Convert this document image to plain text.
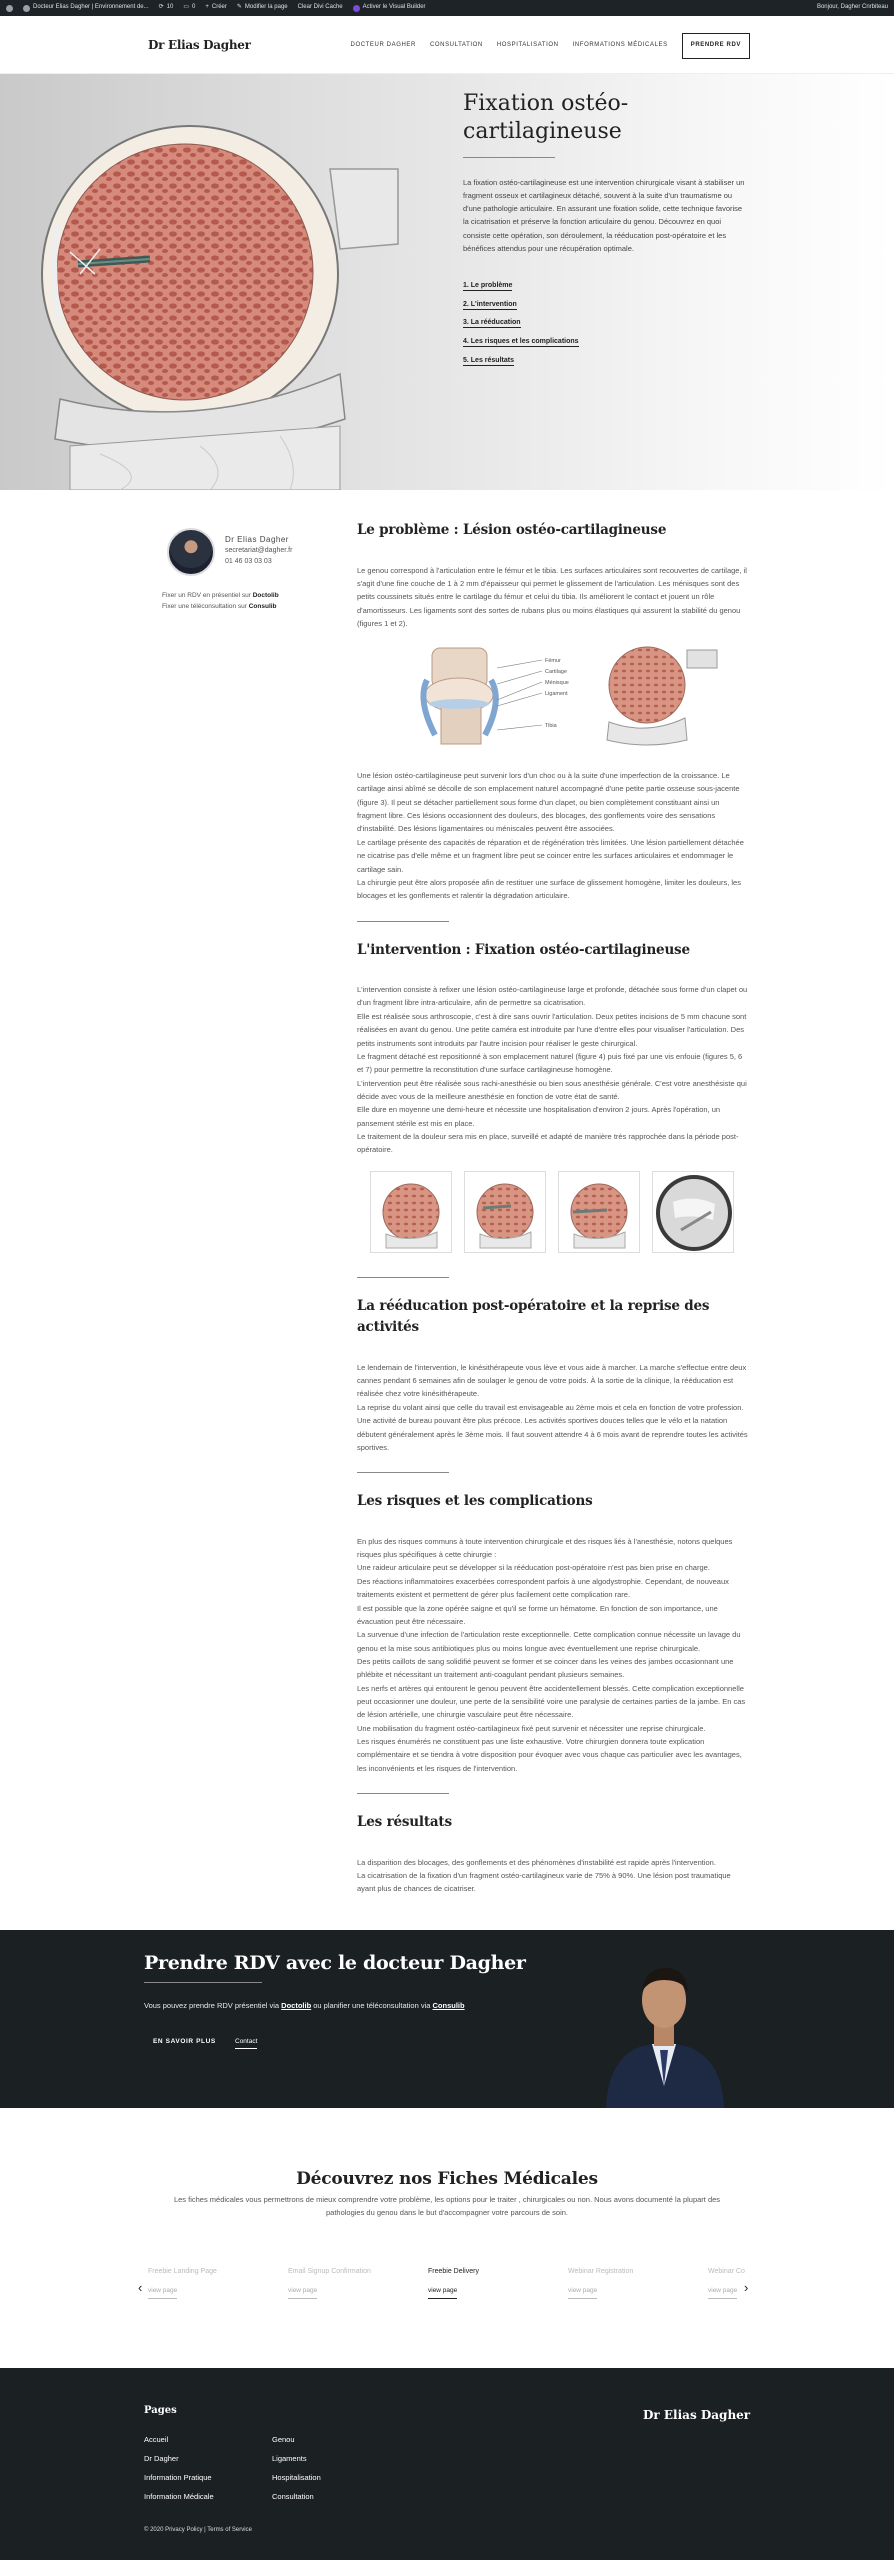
Docteur Elias Dagher | Environnement de... ⟳ 10 ▭ 0 + Créer ✎ Modifier la page Clear Divi Cache	Activer le Visual Builder	Bonjour, Dagher Cnrbiteau
Dr Elias Dagher	DOCTEUR DAGHER CONSULTATION HOSPITALISATION INFORMATIONS MÉDICALES	PRENDRE RDV
Fixation ostéo-cartilagineuse

La fixation ostéo-cartilagineuse est une intervention chirurgicale visant à stabiliser un fragment osseux et cartilagineux détaché, souvent à la suite d'un traumatisme ou d'une pathologie articulaire. En assurant une fixation solide, cette technique favorise la cicatrisation et préserve la fonction articulaire du genou. Découvrez en quoi consiste cette opération, son déroulement, la rééducation post-opératoire et les bénéfices attendus pour une récupération optimale.

1. Le problème
2. L'intervention
3. La rééducation
4. Les risques et les complications
5. Les résultats
Dr Elias Dagher
secretariat@dagher.fr
01 46 03 03 03
Fixer un RDV en présentiel sur Doctolib
Fixer une téléconsultation sur Consulib
Le problème : Lésion ostéo-cartilagineuse

Le genou correspond à l'articulation entre le fémur et le tibia. Les surfaces articulaires sont recouvertes de cartilage, il s'agit d'une fine couche de 1 à 2 mm d'épaisseur qui permet le glissement de l'articulation. Les ménisques sont des petits coussinets situés entre le cartilage du fémur et celui du tibia. Ils améliorent le contact et jouent un rôle d'amortisseurs. Les ligaments sont des sortes de rubans plus ou moins élastiques qui assurent la stabilité du genou (figures 1 et 2).

Fémur
Cartilage
Ménisque
Ligament
Tibia

Une lésion ostéo-cartilagineuse peut survenir lors d'un choc ou à la suite d'une imperfection de la croissance. Le cartilage ainsi abîmé se décolle de son emplacement naturel accompagné d'une petite partie osseuse sous-jacente (figure 3). Il peut se détacher partiellement sous forme d'un clapet, ou bien complètement constituant ainsi un fragment libre. Ces lésions occasionnent des douleurs, des blocages, des gonflements voire des sensations d'instabilité. Des lésions ligamentaires ou méniscales peuvent être associées.
Le cartilage présente des capacités de réparation et de régénération très limitées. Une lésion partiellement détachée ne cicatrise pas d'elle même et un fragment libre peut se coincer entre les surfaces articulaires et endommager le cartilage sain.
La chirurgie peut être alors proposée afin de restituer une surface de glissement homogène, limiter les douleurs, les blocages et les gonflements et ralentir la dégradation articulaire.

L'intervention : Fixation ostéo-cartilagineuse

L'intervention consiste à refixer une lésion ostéo-cartilagineuse large et profonde, détachée sous forme d'un clapet ou d'un fragment libre intra-articulaire, afin de permettre sa cicatrisation.
Elle est réalisée sous arthroscopie, c'est à dire sans ouvrir l'articulation. Deux petites incisions de 5 mm chacune sont réalisées en avant du genou. Une petite caméra est introduite par l'une d'entre elles pour visualiser l'articulation. Des petits instruments sont introduits par l'autre incision pour réaliser le geste chirurgical.
Le fragment détaché est repositionné à son emplacement naturel (figure 4) puis fixé par une vis enfouie (figures 5, 6 et 7) pour permettre la reconstitution d'une surface cartilagineuse homogène.
L'intervention peut être réalisée sous rachi-anesthésie ou bien sous anesthésie générale. C'est votre anesthésiste qui décide avec vous de la meilleure anesthésie en fonction de votre état de santé.
Elle dure en moyenne une demi-heure et nécessite une hospitalisation d'environ 2 jours. Après l'opération, un pansement stérile est mis en place.
Le traitement de la douleur sera mis en place, surveillé et adapté de manière très rapprochée dans la période post-opératoire.

La rééducation post-opératoire et la reprise des activités

Le lendemain de l'intervention, le kinésithérapeute vous lève et vous aide à marcher. La marche s'effectue entre deux cannes pendant 6 semaines afin de soulager le genou de votre poids. À la sortie de la clinique, la rééducation est réalisée chez votre kinésithérapeute.
La reprise du volant ainsi que celle du travail est envisageable au 2ème mois et cela en fonction de votre profession. Une activité de bureau pouvant être plus précoce. Les activités sportives douces telles que le vélo et la natation débutent généralement après le 3ème mois. Il faut souvent attendre 4 à 6 mois avant de reprendre toutes les activités sportives.

Les risques et les complications

En plus des risques communs à toute intervention chirurgicale et des risques liés à l'anesthésie, notons quelques risques plus spécifiques à cette chirurgie :
Une raideur articulaire peut se développer si la rééducation post-opératoire n'est pas bien prise en charge.
Des réactions inflammatoires exacerbées correspondent parfois à une algodystrophie. Cependant, de nouveaux traitements existent et permettent de gérer plus facilement cette complication rare.
Il est possible que la zone opérée saigne et qu'il se forme un hématome. En fonction de son importance, une évacuation peut être nécessaire.
La survenue d'une infection de l'articulation reste exceptionnelle. Cette complication connue nécessite un lavage du genou et la mise sous antibiotiques plus ou moins longue avec éventuellement une reprise chirurgicale.
Des petits caillots de sang solidifié peuvent se former et se coincer dans les veines des jambes occasionnant une phlébite et nécessitant un traitement anti-coagulant pendant plusieurs semaines.
Les nerfs et artères qui entourent le genou peuvent être accidentellement blessés. Cette complication exceptionnelle peut occasionner une douleur, une perte de la sensibilité voire une paralysie de certaines parties de la jambe. En cas de lésion artérielle, une chirurgie vasculaire peut être nécessaire.
Une mobilisation du fragment ostéo-cartilagineux fixé peut survenir et nécessiter une reprise chirurgicale.
Les risques énumérés ne constituent pas une liste exhaustive. Votre chirurgien donnera toute explication complémentaire et se tiendra à votre disposition pour évoquer avec vous chaque cas particulier avec les avantages, les inconvénients et les risques de l'intervention.

Les résultats

La disparition des blocages, des gonflements et des phénomènes d'instabilité est rapide après l'intervention.
La cicatrisation de la fixation d'un fragment ostéo-cartilagineux varie de 75% à 90%. Une lésion post traumatique ayant plus de chances de cicatriser.

Prendre RDV avec le docteur Dagher

Vous pouvez prendre RDV présentiel via Doctolib ou planifier une téléconsultation via Consulib

EN SAVOIR PLUS	Contact
Découvrez nos Fiches Médicales

Les fiches médicales vous permettrons de mieux comprendre votre problème, les options pour le traiter , chirurgicales ou non. Nous avons documenté la plupart des pathologies du genou dans le but d'accompagner votre parcours de soin.

‹
Freebie Landing Page
view page
Email Signup Confirmation
view page
Freebie Delivery
view page
Webinar Registration
view page
Webinar Co
view page ›
Pages
Accueil
Dr Dagher
Information Pratique
Information Médicale
Genou
Ligaments
Hospitalisation
Consultation
Dr Elias Dagher
© 2020 Privacy Policy | Terms of Service
